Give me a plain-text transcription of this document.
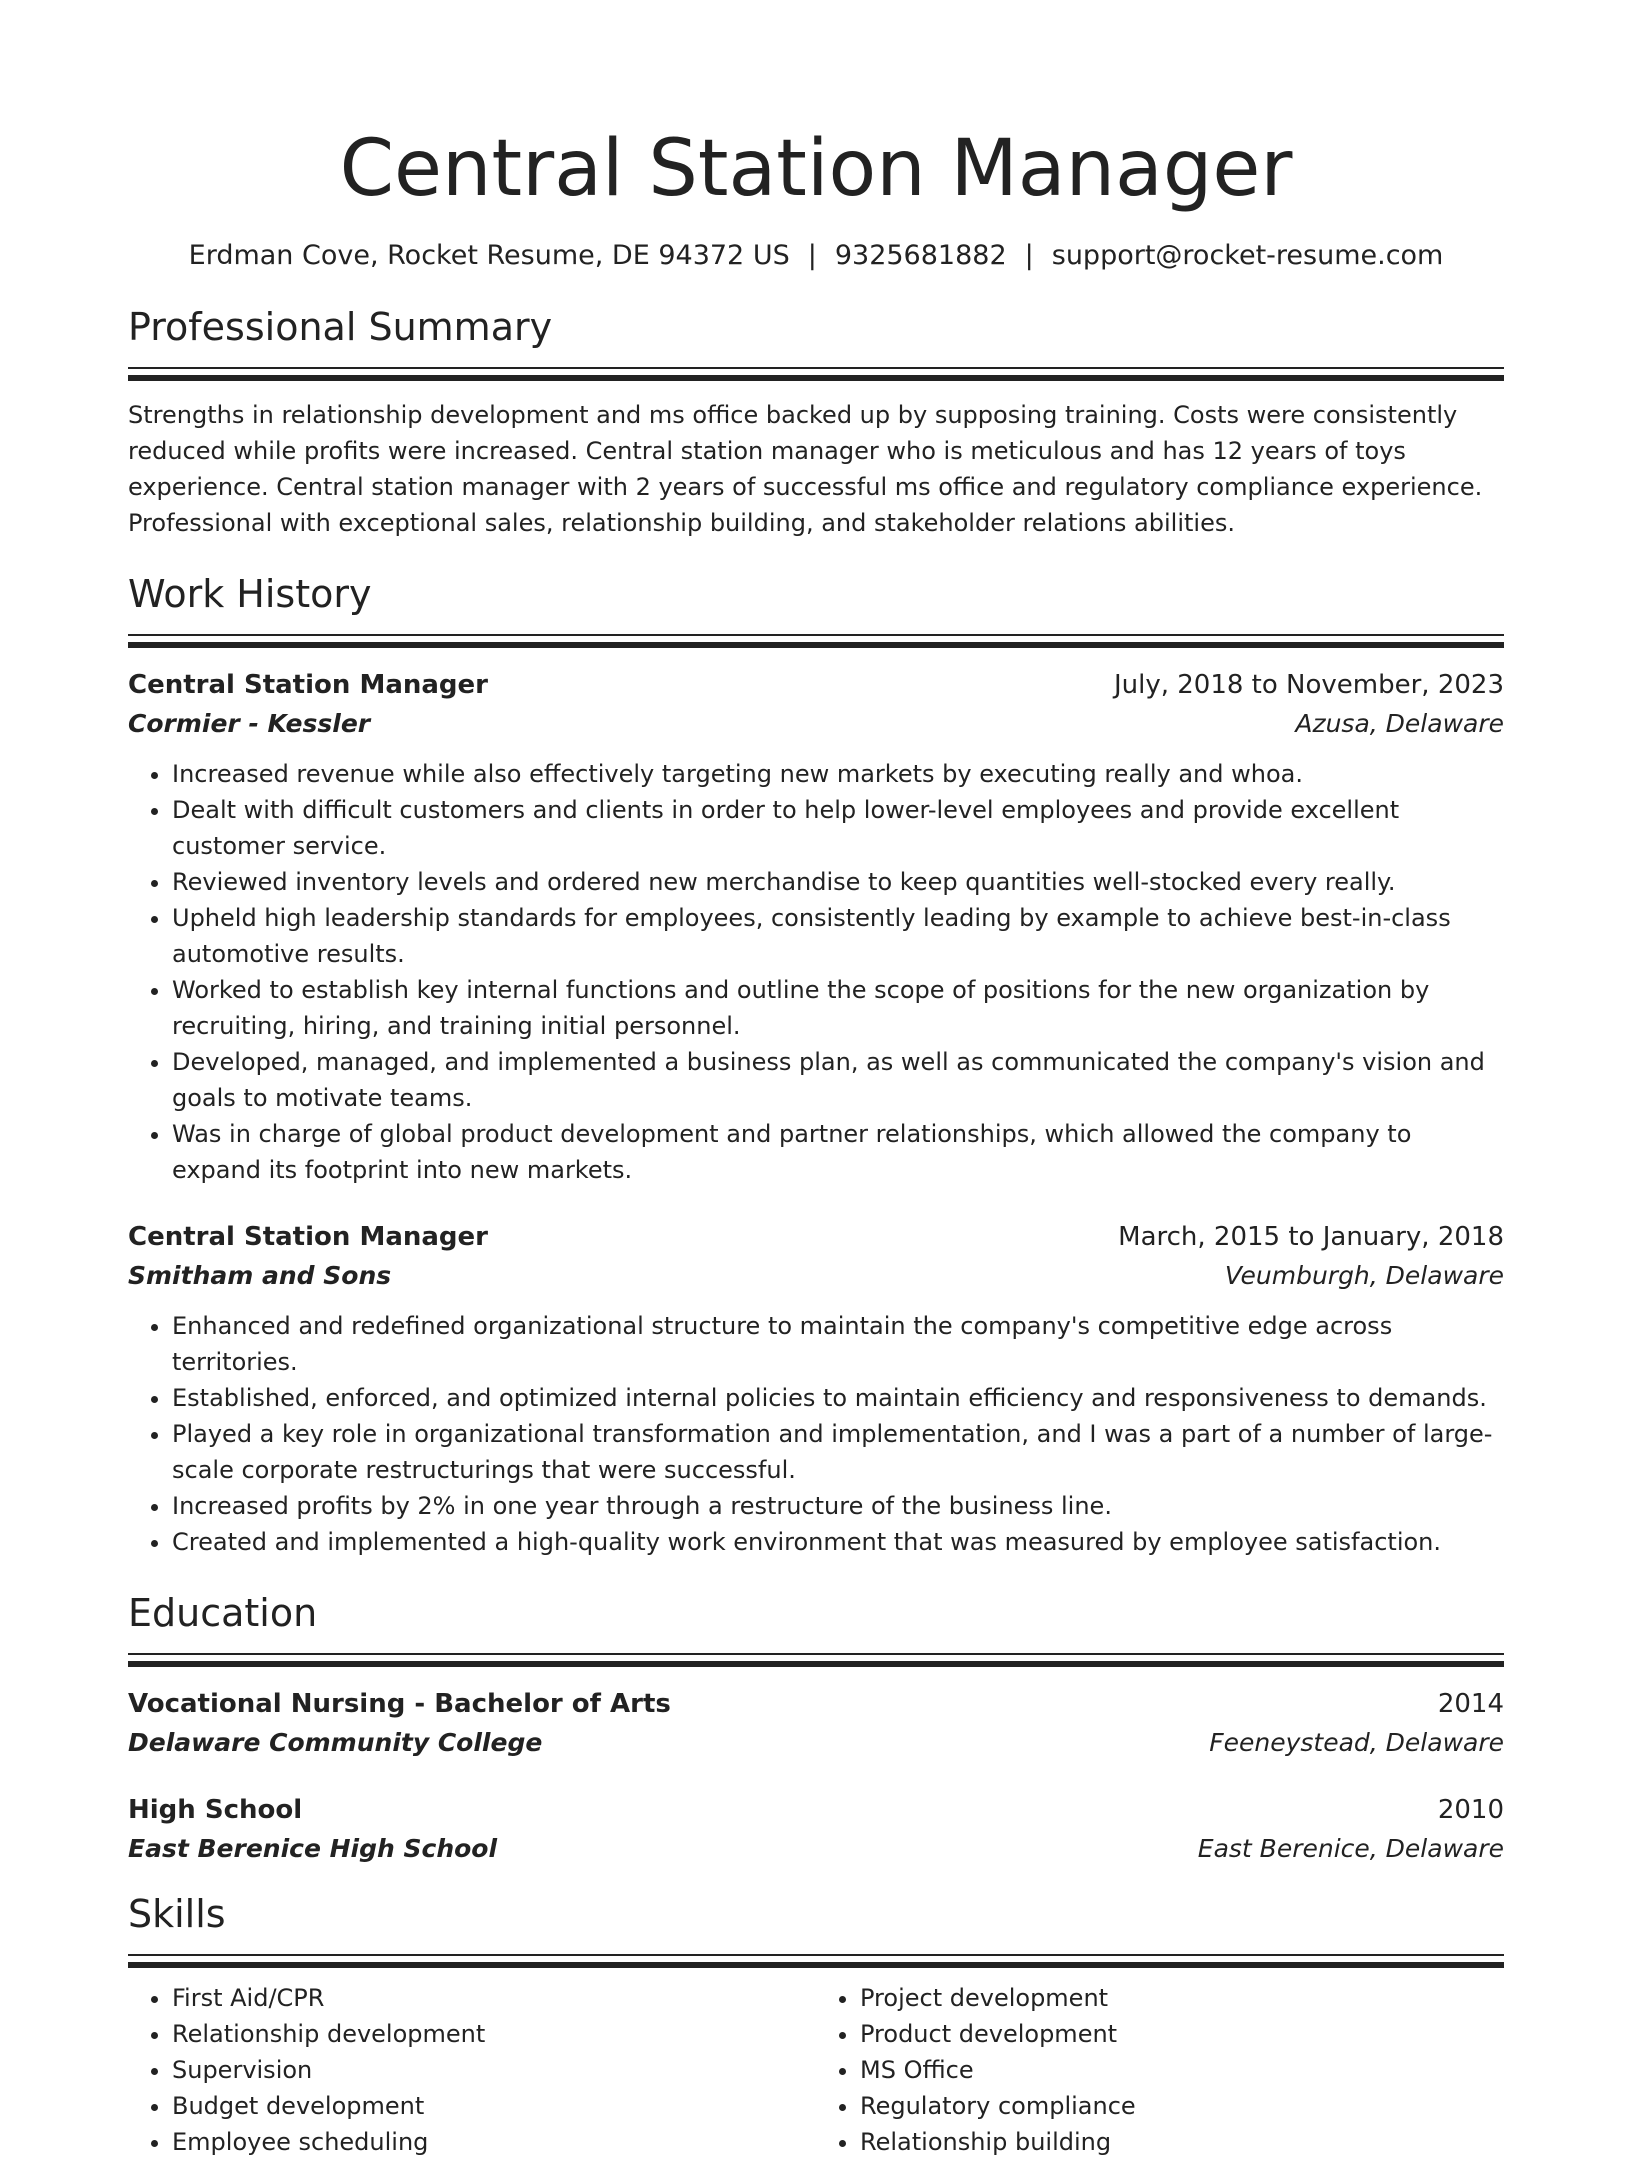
Central Station Manager
Erdman Cove, Rocket Resume, DE 94372 US | 9325681882 | support@rocket-resume.com
Professional Summary

Strengths in relationship development and ms office backed up by supposing training. Costs were consistently reduced while profits were increased. Central station manager who is meticulous and has 12 years of toys experience. Central station manager with 2 years of successful ms office and regulatory compliance experience. Professional with exceptional sales, relationship building, and stakeholder relations abilities.

Work History
Central Station Manager	July, 2018 to November, 2023
Cormier - Kessler	Azusa, Delaware
• Increased revenue while also effectively targeting new markets by executing really and whoa.
• Dealt with difficult customers and clients in order to help lower-level employees and provide excellent customer service.
• Reviewed inventory levels and ordered new merchandise to keep quantities well-stocked every really.
• Upheld high leadership standards for employees, consistently leading by example to achieve best-in-class automotive results.
• Worked to establish key internal functions and outline the scope of positions for the new organization by recruiting, hiring, and training initial personnel.
• Developed, managed, and implemented a business plan, as well as communicated the company's vision and goals to motivate teams.
• Was in charge of global product development and partner relationships, which allowed the company to expand its footprint into new markets.
Central Station Manager	March, 2015 to January, 2018
Smitham and Sons	Veumburgh, Delaware
• Enhanced and redefined organizational structure to maintain the company's competitive edge across territories.
• Established, enforced, and optimized internal policies to maintain efficiency and responsiveness to demands.
• Played a key role in organizational transformation and implementation, and I was a part of a number of large-scale corporate restructurings that were successful.
• Increased profits by 2% in one year through a restructure of the business line.
• Created and implemented a high-quality work environment that was measured by employee satisfaction.
Education
Vocational Nursing - Bachelor of Arts	2014
Delaware Community College	Feeneystead, Delaware
High School	2010
East Berenice High School	East Berenice, Delaware
Skills
• First Aid/CPR
• Relationship development
• Supervision
• Budget development
• Employee scheduling
• Project development
• Product development
• MS Office
• Regulatory compliance
• Relationship building
